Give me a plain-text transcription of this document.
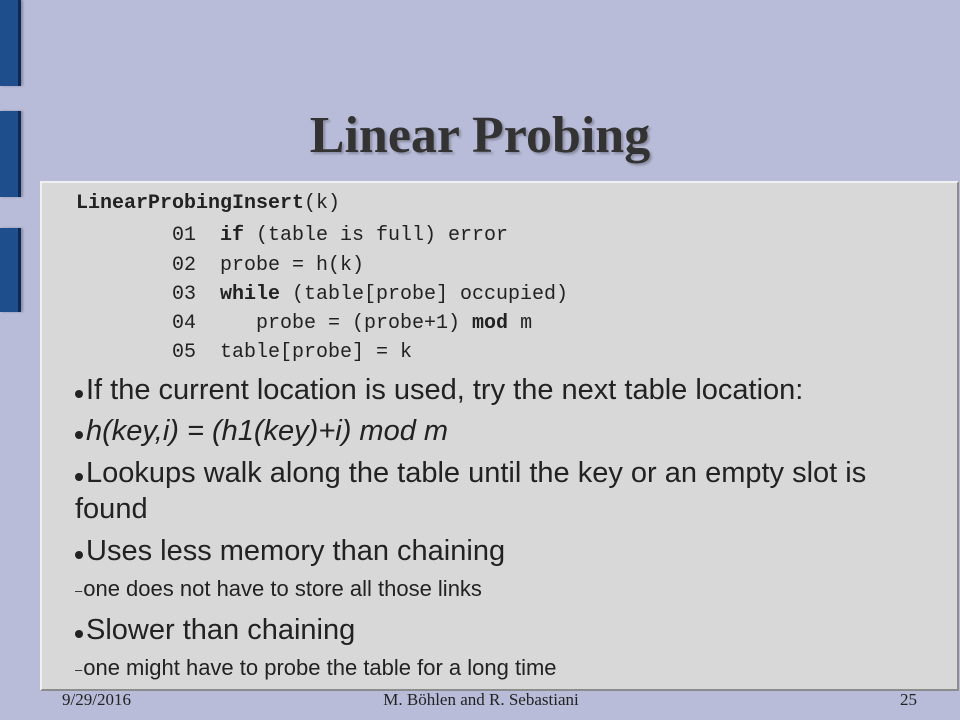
Linear Probing
LinearProbingInsert(k)
01 if (table is full) error
02 probe = h(k)
03 while (table[probe] occupied)
04   probe = (probe+1) mod m
05 table[probe] = k
If the current location is used, try the next table location:
h(key,i) = (h1(key)+i) mod m
Lookups walk along the table until the key or an empty slot is found
Uses less memory than chaining
–one does not have to store all those links
Slower than chaining
–one might have to probe the table for a long time
9/29/2016	M. Böhlen and R. Sebastiani	25
